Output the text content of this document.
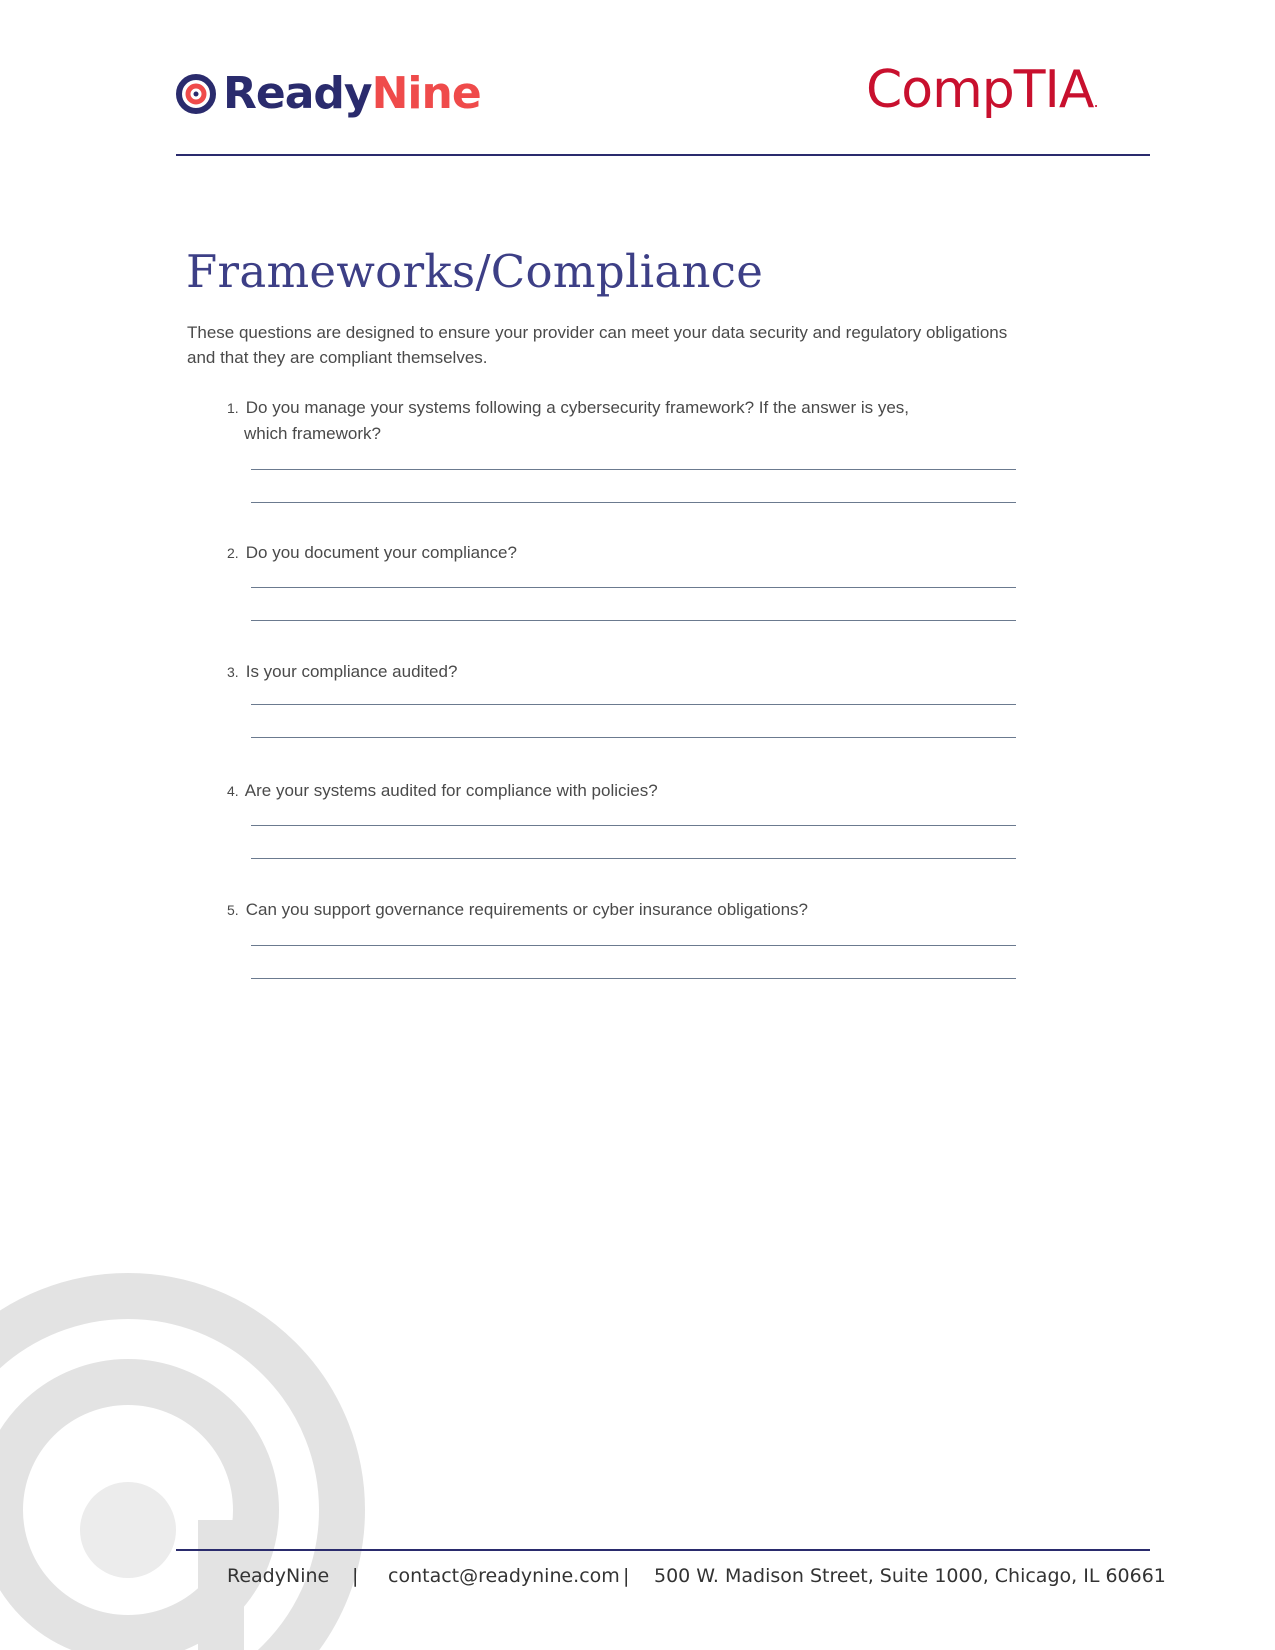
Ready Nine	CompTIA.
Frameworks/Compliance
These questions are designed to ensure your provider can meet your data security and regulatory obligations and that they are compliant themselves.
1. Do you manage your systems following a cybersecurity framework? If the answer is yes,
which framework?
2. Do you document your compliance?
3. Is your compliance audited?
4. Are your systems audited for compliance with policies?
5. Can you support governance requirements or cyber insurance obligations?
ReadyNine | contact@readynine.com | 500 W. Madison Street, Suite 1000, Chicago, IL 60661
